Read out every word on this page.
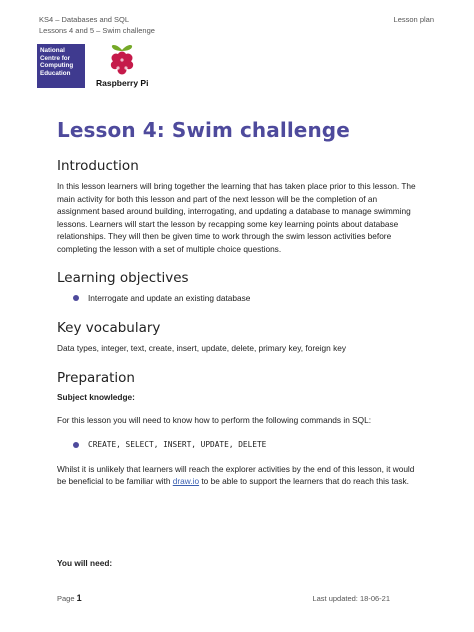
KS4 – Databases and SQL
Lessons 4 and 5 – Swim challenge
Lesson plan
National
Centre for
Computing
Education
Raspberry Pi
Lesson 4: Swim challenge
Introduction

In this lesson learners will bring together the learning that has taken place prior to this lesson. The main activity for both this lesson and part of the next lesson will be the completion of an assignment based around building, interrogating, and updating a database to manage swimming lessons. Learners will start the lesson by recapping some key learning points about database relationships. They will then be given time to work through the swim lesson activities before completing the lesson with a set of multiple choice questions.

Learning objectives
Interrogate and update an existing database
Key vocabulary

Data types, integer, text, create, insert, update, delete, primary key, foreign key

Preparation
Subject knowledge:

For this lesson you will need to know how to perform the following commands in SQL:

CREATE, SELECT, INSERT, UPDATE, DELETE

Whilst it is unlikely that learners will reach the explorer activities by the end of this lesson, it would be beneficial to be familiar with draw.io to be able to support the learners that do reach this task.

You will need:
Page 1	Last updated: 18-06-21
